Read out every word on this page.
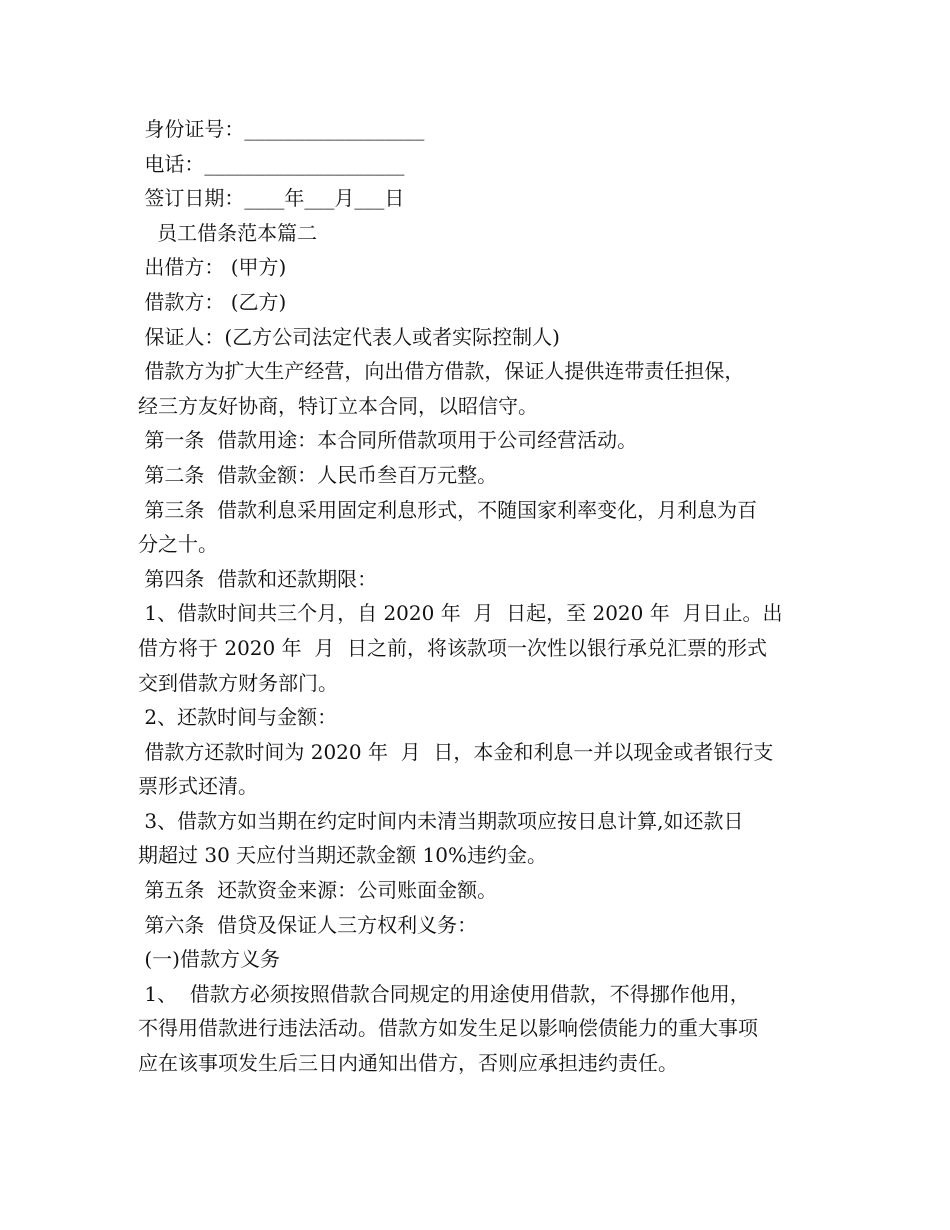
身份证号：__________________
电话：____________________
签订日期：____年___月___日
员工借条范本篇二
出借方： (甲方)
借款方： (乙方)
保证人：(乙方公司法定代表人或者实际控制人)
借款方为扩大生产经营，向出借方借款，保证人提供连带责任担保，
经三方友好协商，特订立本合同，以昭信守。
第一条  借款用途：本合同所借款项用于公司经营活动。
第二条  借款金额：人民币叁百万元整。
第三条  借款利息采用固定利息形式，不随国家利率变化，月利息为百
分之十。
第四条  借款和还款期限：
1、借款时间共三个月，自 2020 年  月  日起，至 2020 年  月日止。出
借方将于 2020 年  月  日之前，将该款项一次性以银行承兑汇票的形式
交到借款方财务部门。
2、还款时间与金额：
借款方还款时间为 2020 年  月  日，本金和利息一并以现金或者银行支
票形式还清。
3、借款方如当期在约定时间内未清当期款项应按日息计算,如还款日
期超过 30 天应付当期还款金额 10%违约金。
第五条  还款资金来源：公司账面金额。
第六条  借贷及保证人三方权利义务：
(一)借款方义务
1、  借款方必须按照借款合同规定的用途使用借款，不得挪作他用，
不得用借款进行违法活动。借款方如发生足以影响偿债能力的重大事项
应在该事项发生后三日内通知出借方，否则应承担违约责任。
